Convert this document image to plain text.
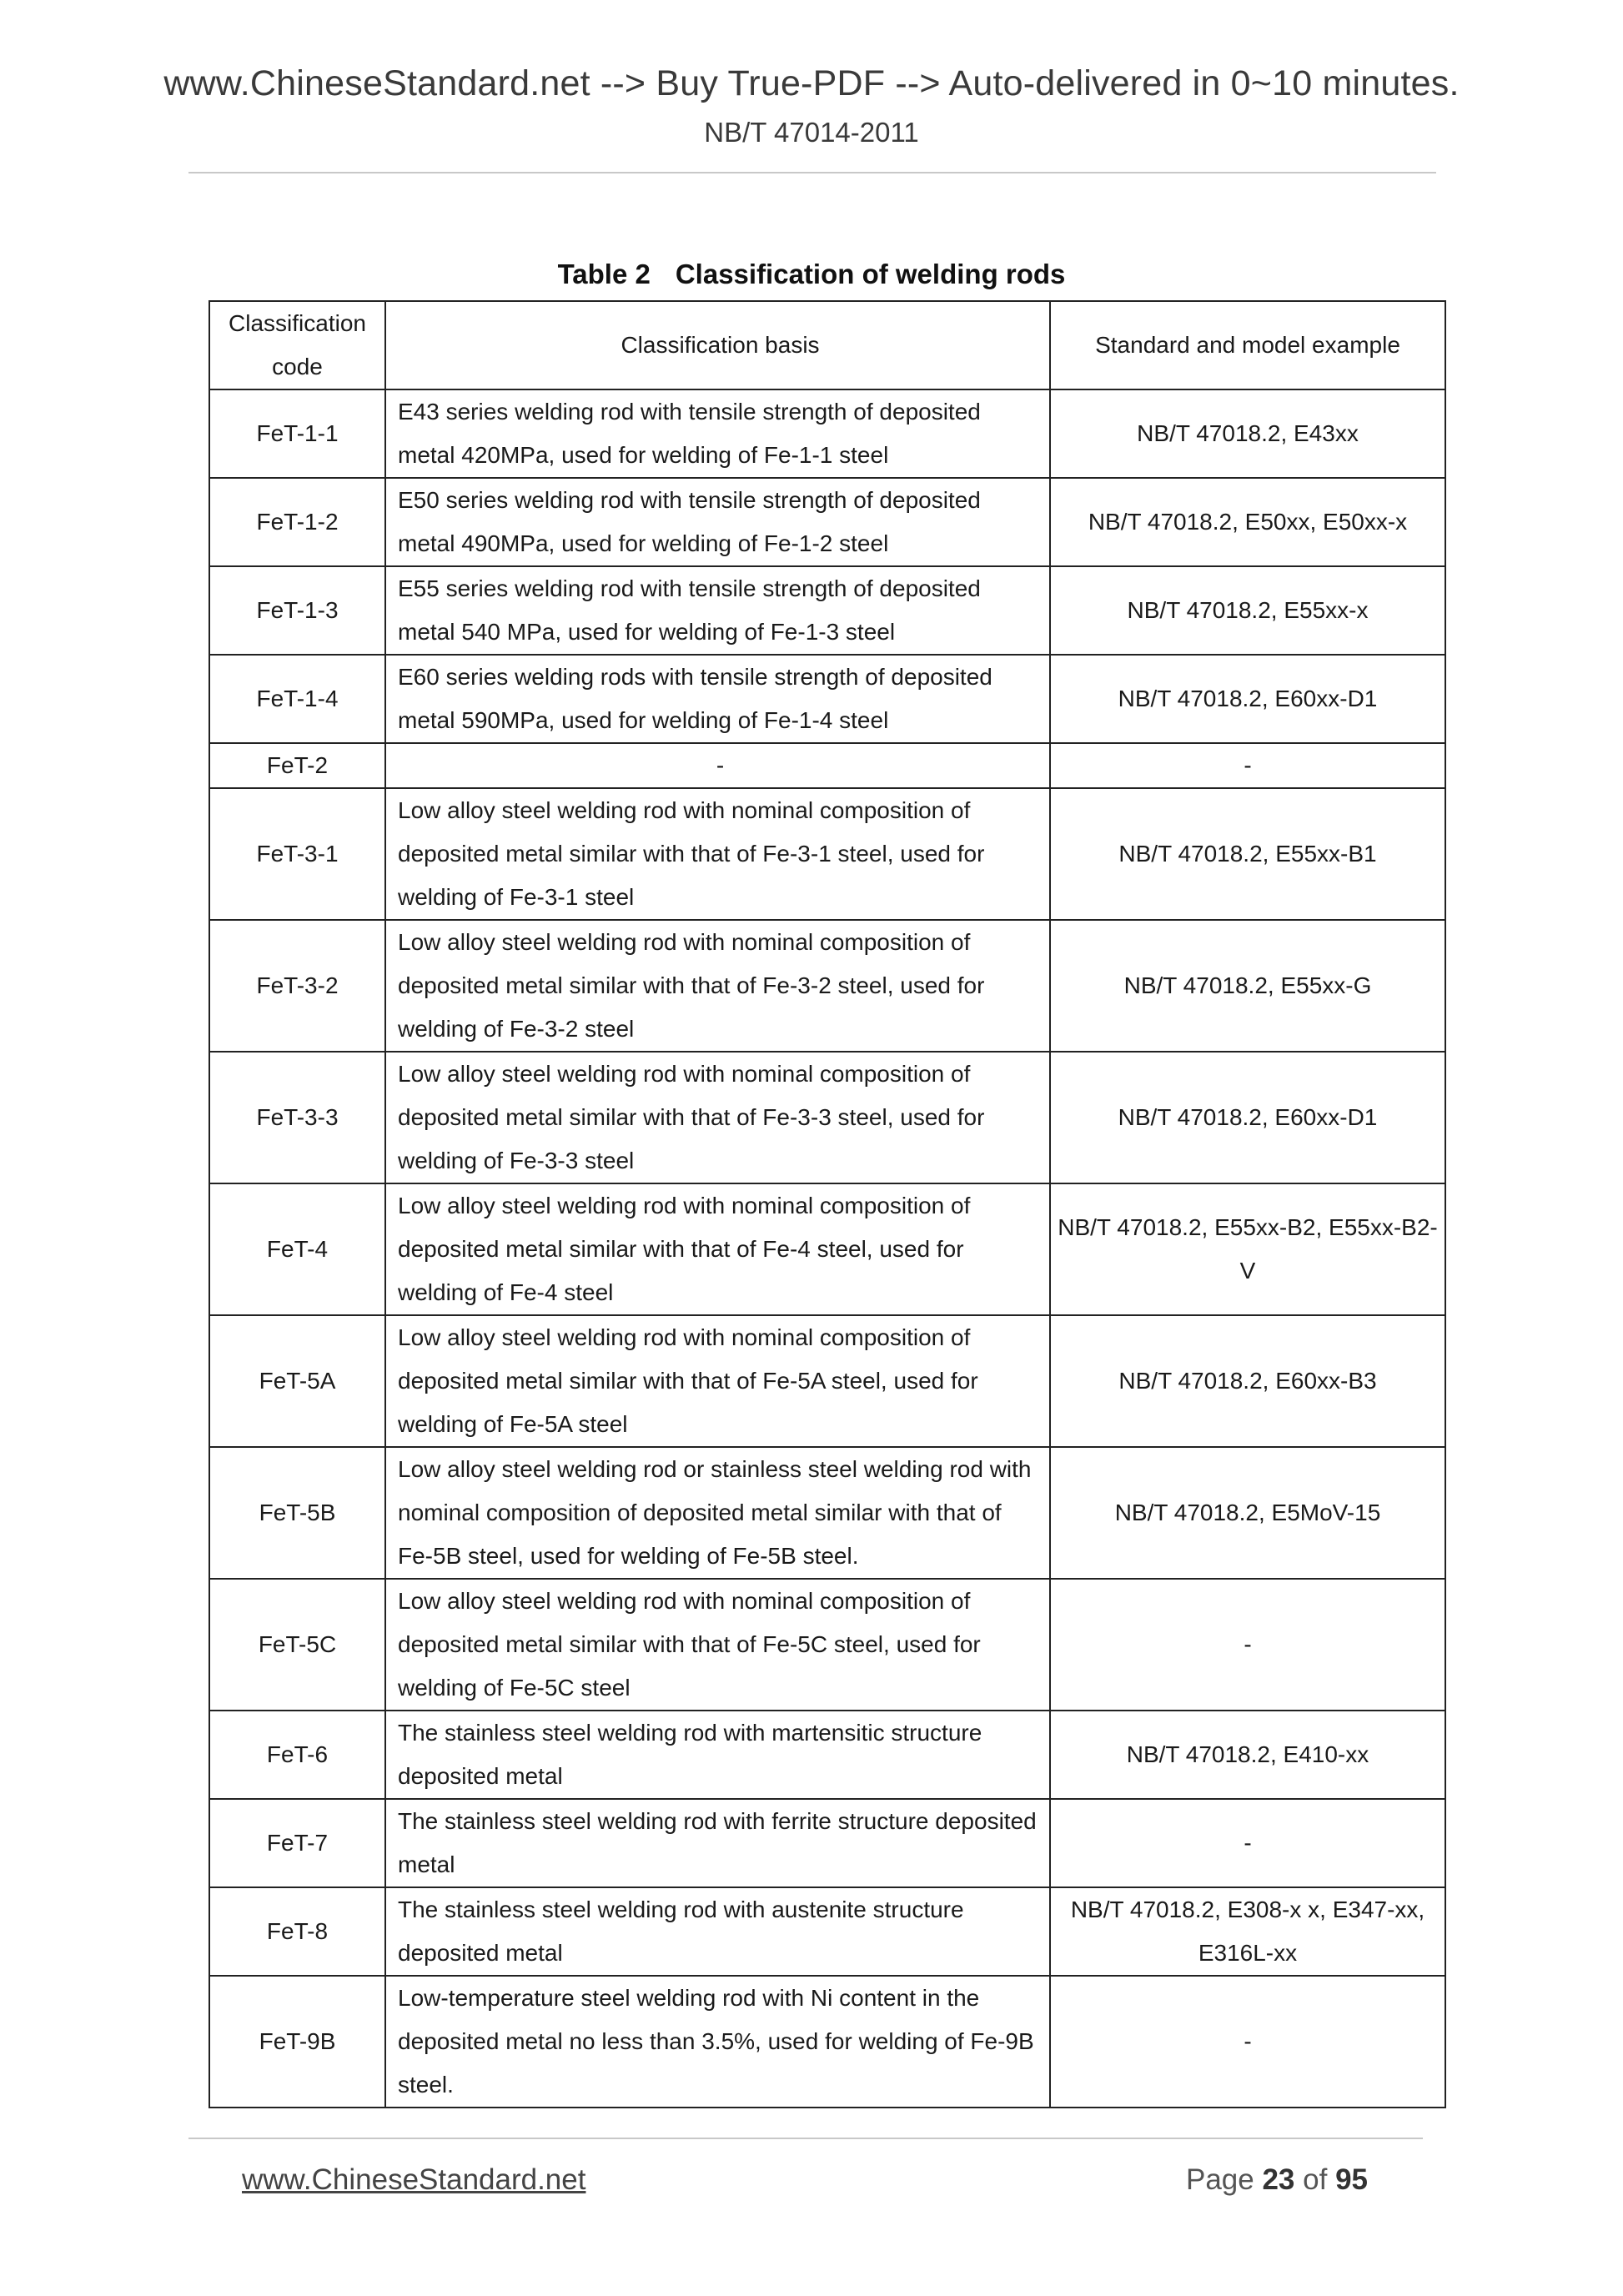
www.ChineseStandard.net --> Buy True-PDF --> Auto-delivered in 0~10 minutes.
NB/T 47014-2011
Table 2 Classification of welding rods
Classification code	Classification basis	Standard and model example
FeT-1-1	E43 series welding rod with tensile strength of deposited metal 420MPa, used for welding of Fe-1-1 steel	NB/T 47018.2, E43xx
FeT-1-2	E50 series welding rod with tensile strength of deposited metal 490MPa, used for welding of Fe-1-2 steel	NB/T 47018.2, E50xx, E50xx-x
FeT-1-3	E55 series welding rod with tensile strength of deposited metal 540 MPa, used for welding of Fe-1-3 steel	NB/T 47018.2, E55xx-x
FeT-1-4	E60 series welding rods with tensile strength of deposited metal 590MPa, used for welding of Fe-1-4 steel	NB/T 47018.2, E60xx-D1
FeT-2	-	-
FeT-3-1	Low alloy steel welding rod with nominal composition of deposited metal similar with that of Fe-3-1 steel, used for welding of Fe-3-1 steel	NB/T 47018.2, E55xx-B1
FeT-3-2	Low alloy steel welding rod with nominal composition of deposited metal similar with that of Fe-3-2 steel, used for welding of Fe-3-2 steel	NB/T 47018.2, E55xx-G
FeT-3-3	Low alloy steel welding rod with nominal composition of deposited metal similar with that of Fe-3-3 steel, used for welding of Fe-3-3 steel	NB/T 47018.2, E60xx-D1
FeT-4	Low alloy steel welding rod with nominal composition of deposited metal similar with that of Fe-4 steel, used for welding of Fe-4 steel	NB/T 47018.2, E55xx-B2, E55xx-B2-V
FeT-5A	Low alloy steel welding rod with nominal composition of deposited metal similar with that of Fe-5A steel, used for welding of Fe-5A steel	NB/T 47018.2, E60xx-B3
FeT-5B	Low alloy steel welding rod or stainless steel welding rod with nominal composition of deposited metal similar with that of Fe-5B steel, used for welding of Fe-5B steel.	NB/T 47018.2, E5MoV-15
FeT-5C	Low alloy steel welding rod with nominal composition of deposited metal similar with that of Fe-5C steel, used for welding of Fe-5C steel	-
FeT-6	The stainless steel welding rod with martensitic structure deposited metal	NB/T 47018.2, E410-xx
FeT-7	The stainless steel welding rod with ferrite structure deposited metal	-
FeT-8	The stainless steel welding rod with austenite structure deposited metal	NB/T 47018.2, E308-x x, E347-xx, E316L-xx
FeT-9B	Low-temperature steel welding rod with Ni content in the deposited metal no less than 3.5%, used for welding of Fe-9B steel.	-
www.ChineseStandard.net	Page 23 of 95
